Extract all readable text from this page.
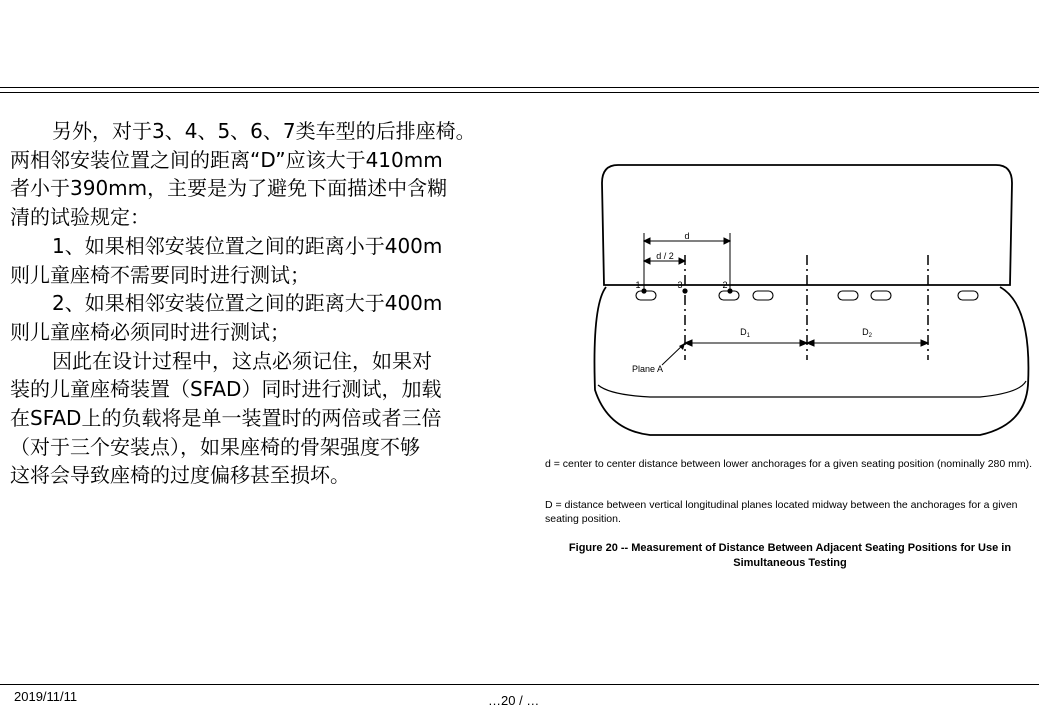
另外，对于3、4、5、6、7类车型的后排座椅。
两相邻安装位置之间的距离“D”应该大于410mm
者小于390mm，主要是为了避免下面描述中含糊
清的试验规定：
1、如果相邻安装位置之间的距离小于400m
则儿童座椅不需要同时进行测试；
2、如果相邻安装位置之间的距离大于400m
则儿童座椅必须同时进行测试；
因此在设计过程中，这点必须记住，如果对
装的儿童座椅装置（SFAD）同时进行测试，加载
在SFAD上的负载将是单一装置时的两倍或者三倍
（对于三个安装点），如果座椅的骨架强度不够
这将会导致座椅的过度偏移甚至损坏。
d
d / 2
1	3	2
$D_1$	$D_2$
Plane A
d = center to center distance between lower anchorages for a given seating position (nominally 280 mm).
D = distance between vertical longitudinal planes located midway between the anchorages for a given seating position.
Figure 20 -- Measurement of Distance Between Adjacent Seating Positions for Use in Simultaneous Testing
2019/11/11	…20 / …
